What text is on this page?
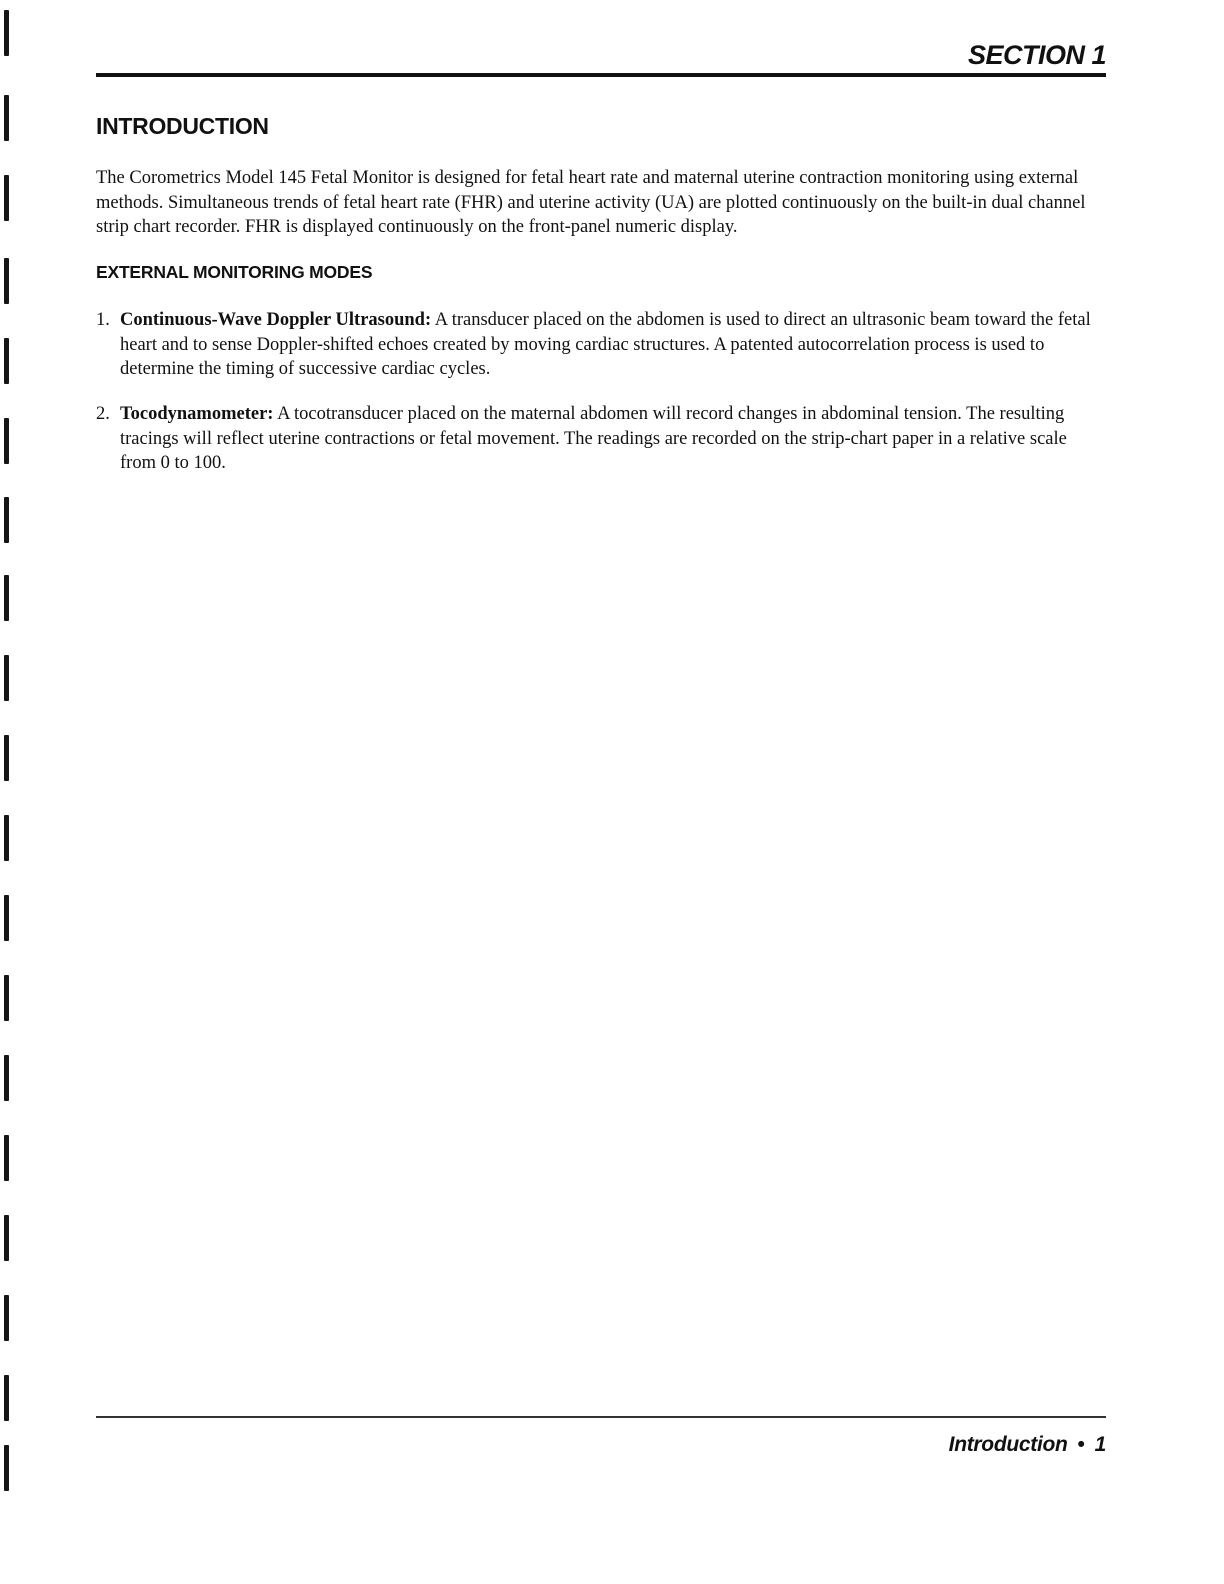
SECTION 1
INTRODUCTION
The Corometrics Model 145 Fetal Monitor is designed for fetal heart rate and maternal uterine contraction monitoring using external methods. Simultaneous trends of fetal heart rate (FHR) and uterine activity (UA) are plotted continuously on the built-in dual channel strip chart recorder. FHR is displayed continuously on the front-panel numeric display.
EXTERNAL MONITORING MODES
1. Continuous-Wave Doppler Ultrasound: A transducer placed on the abdomen is used to direct an ultrasonic beam toward the fetal heart and to sense Doppler-shifted echoes created by moving cardiac structures. A patented autocorrelation process is used to determine the timing of successive cardiac cycles.
2. Tocodynamometer: A tocotransducer placed on the maternal abdomen will record changes in abdominal tension. The resulting tracings will reflect uterine contractions or fetal movement. The readings are recorded on the strip-chart paper in a relative scale from 0 to 100.
Introduction • 1
